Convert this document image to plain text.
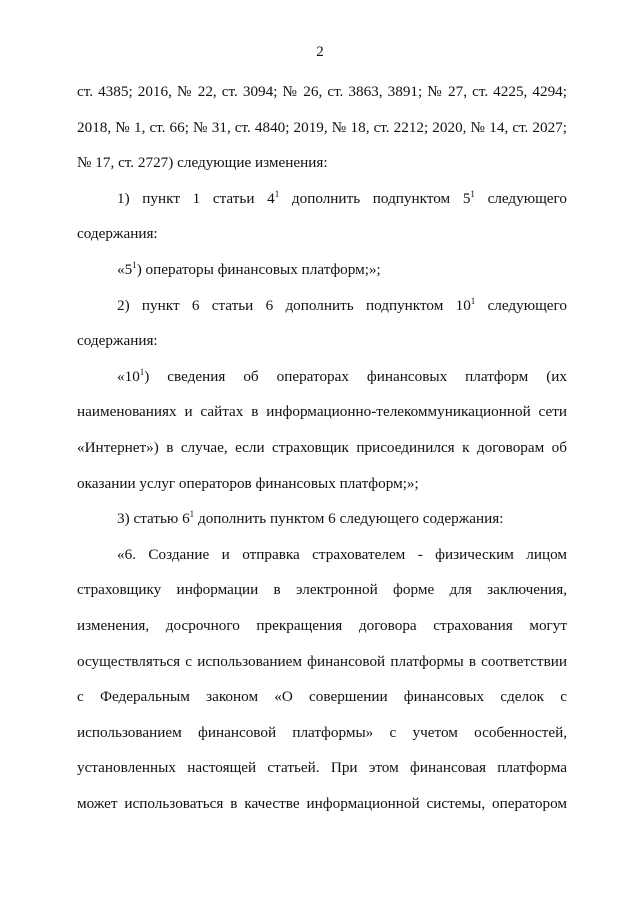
2
ст. 4385; 2016, № 22, ст. 3094; № 26, ст. 3863, 3891; № 27, ст. 4225, 4294;
2018, № 1, ст. 66; № 31, ст. 4840; 2019, № 18, ст. 2212; 2020, № 14, ст. 2027;
№ 17, ст. 2727) следующие изменения:
1) пункт 1 статьи $4^1$ дополнить подпунктом $5^1$ следующего
содержания:
«$5^1$) операторы финансовых платформ;»;
2) пункт 6 статьи 6 дополнить подпунктом $10^1$ следующего
содержания:
«$10^1$) сведения об операторах финансовых платформ (их
наименованиях и сайтах в информационно-телекоммуникационной сети
«Интернет») в случае, если страховщик присоединился к договорам об
оказании услуг операторов финансовых платформ;»;
3) статью $6^1$ дополнить пунктом 6 следующего содержания:
«6. Создание и отправка страхователем - физическим лицом
страховщику информации в электронной форме для заключения,
изменения, досрочного прекращения договора страхования могут
осуществляться с использованием финансовой платформы в соответствии
с Федеральным законом «О совершении финансовых сделок с
использованием финансовой платформы» с учетом особенностей,
установленных настоящей статьей. При этом финансовая платформа
может использоваться в качестве информационной системы, оператором
